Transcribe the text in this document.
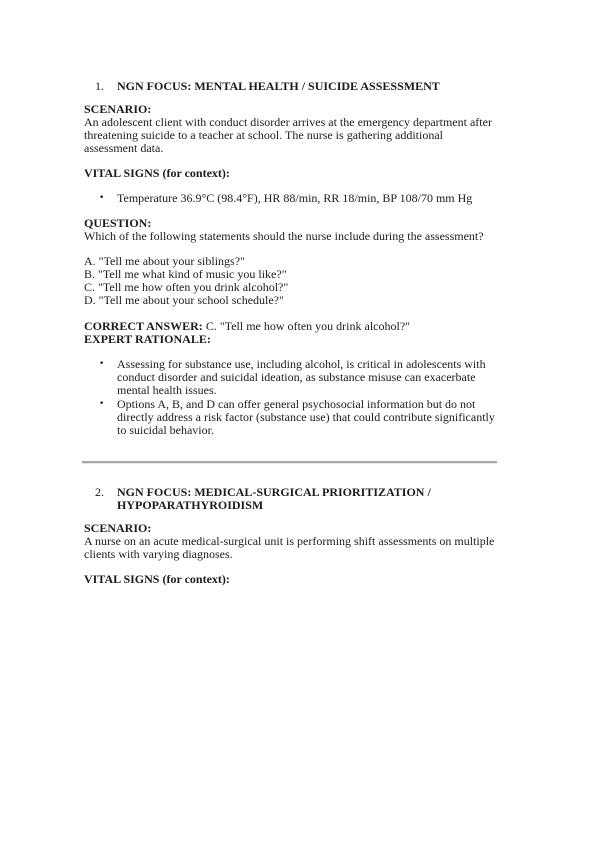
1.	NGN FOCUS: MENTAL HEALTH / SUICIDE ASSESSMENT
SCENARIO:
An adolescent client with conduct disorder arrives at the emergency department after threatening suicide to a teacher at school. The nurse is gathering additional assessment data.
VITAL SIGNS (for context):
•	Temperature 36.9°C (98.4°F), HR 88/min, RR 18/min, BP 108/70 mm Hg
QUESTION:
Which of the following statements should the nurse include during the assessment?
A. "Tell me about your siblings?"
B. "Tell me what kind of music you like?"
C. "Tell me how often you drink alcohol?"
D. "Tell me about your school schedule?"
CORRECT ANSWER: C. "Tell me how often you drink alcohol?"
EXPERT RATIONALE:
•	Assessing for substance use, including alcohol, is critical in adolescents with conduct disorder and suicidal ideation, as substance misuse can exacerbate mental health issues.
•	Options A, B, and D can offer general psychosocial information but do not directly address a risk factor (substance use) that could contribute significantly to suicidal behavior.
2.	NGN FOCUS: MEDICAL-SURGICAL PRIORITIZATION / HYPOPARATHYROIDISM
SCENARIO:
A nurse on an acute medical-surgical unit is performing shift assessments on multiple clients with varying diagnoses.
VITAL SIGNS (for context):
